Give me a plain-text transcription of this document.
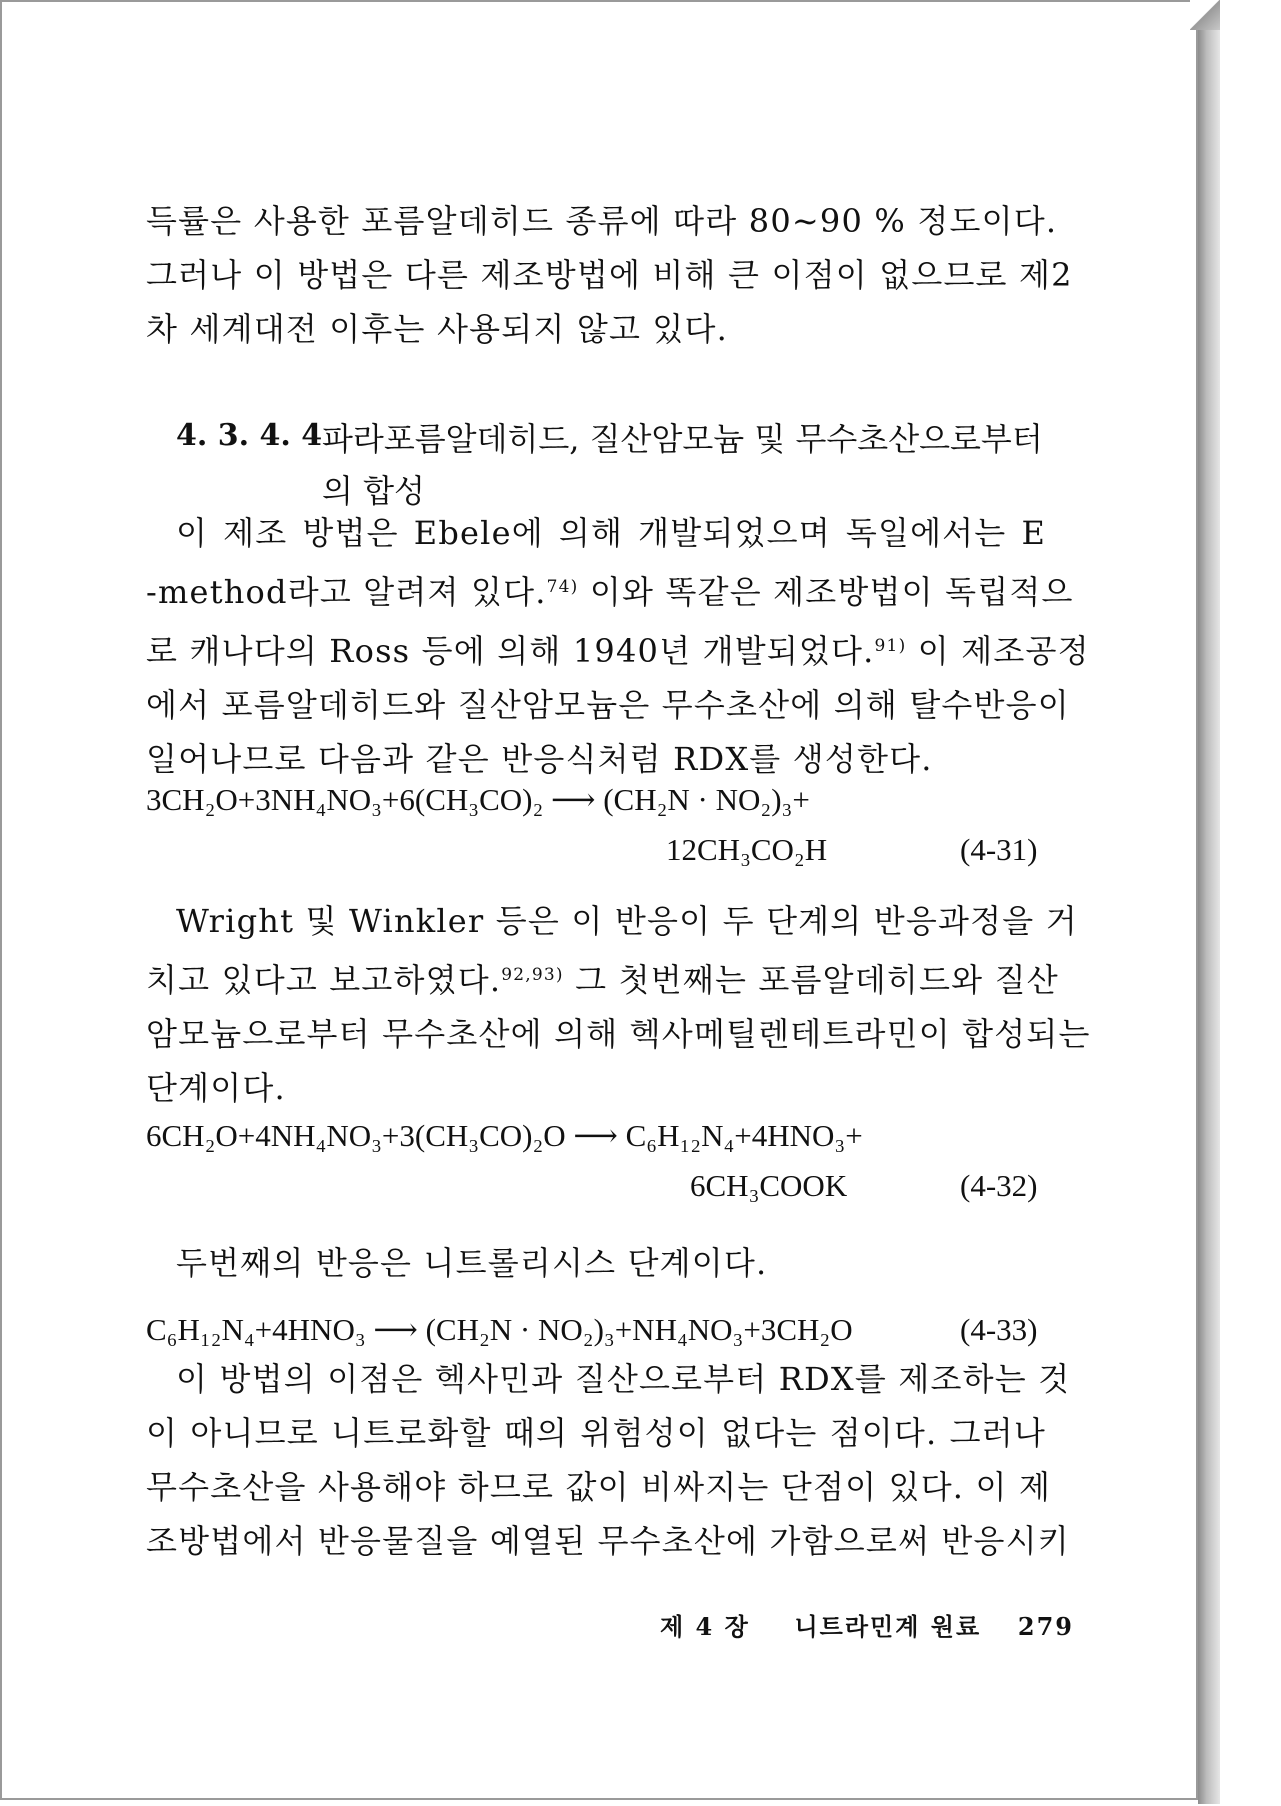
득률은 사용한 포름알데히드 종류에 따라 80∼90 % 정도이다.
그러나 이 방법은 다른 제조방법에 비해 큰 이점이 없으므로 제2
차 세계대전 이후는 사용되지 않고 있다.
4. 3. 4. 4 파라포름알데히드, 질산암모늄 및 무수초산으로부터
의 합성
이 제조 방법은 Ebele에 의해 개발되었으며 독일에서는 E
-method라고 알려져 있다.$^{74)}$ 이와 똑같은 제조방법이 독립적으
로 캐나다의 Ross 등에 의해 1940년 개발되었다.$^{91)}$ 이 제조공정
에서 포름알데히드와 질산암모늄은 무수초산에 의해 탈수반응이
일어나므로 다음과 같은 반응식처럼 RDX를 생성한다.
3CH₂O+3NH₄NO₃+6(CH₃CO)₂ ⟶ (CH₂N · NO₂)₃+
12CH₃CO₂H	(4-31)
Wright 및 Winkler 등은 이 반응이 두 단계의 반응과정을 거
치고 있다고 보고하였다.$^{92,93)}$ 그 첫번째는 포름알데히드와 질산
암모늄으로부터 무수초산에 의해 헥사메틸렌테트라민이 합성되는
단계이다.
6CH₂O+4NH₄NO₃+3(CH₃CO)₂O ⟶ C₆H₁₂N₄+4HNO₃+
6CH₃COOK	(4-32)
두번째의 반응은 니트롤리시스 단계이다.
C₆H₁₂N₄+4HNO₃ ⟶ (CH₂N · NO₂)₃+NH₄NO₃+3CH₂O	(4-33)
이 방법의 이점은 헥사민과 질산으로부터 RDX를 제조하는 것
이 아니므로 니트로화할 때의 위험성이 없다는 점이다. 그러나
무수초산을 사용해야 하므로 값이 비싸지는 단점이 있다. 이 제
조방법에서 반응물질을 예열된 무수초산에 가함으로써 반응시키
제 4 장 니트라민계 원료 279
